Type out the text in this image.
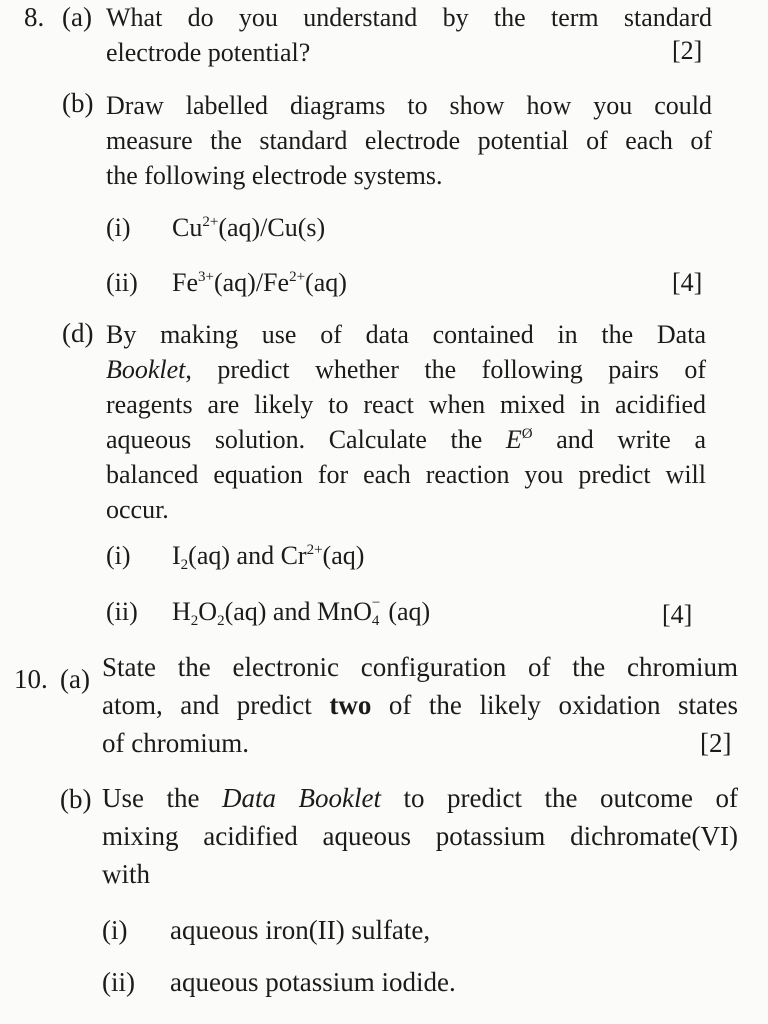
8. (a) What do you understand by the term standard
electrode potential?	[2]
(b) Draw labelled diagrams to show how you could
measure the standard electrode potential of each of
the following electrode systems.
(i) $Cu^{2+}(aq)/Cu(s)$
(ii) $Fe^{3+}(aq)/Fe^{2+}(aq)$	[4]
(d) By making use of data contained in the Data
Booklet, predict whether the following pairs of
reagents are likely to react when mixed in acidified
aqueous solution. Calculate the $E^Ø$ and write a
balanced equation for each reaction you predict will
occur.
(i) $I_2(aq)$ and $Cr^{2+}(aq)$
(ii) $H_2O_2(aq)$ and MnO −
4 (aq)	[4]
10. (a) State the electronic configuration of the chromium
atom, and predict two of the likely oxidation states
of chromium.	[2]
(b) Use the Data Booklet to predict the outcome of
mixing acidified aqueous potassium dichromate(VI)
with
(i) aqueous iron(II) sulfate,
(ii) aqueous potassium iodide.
